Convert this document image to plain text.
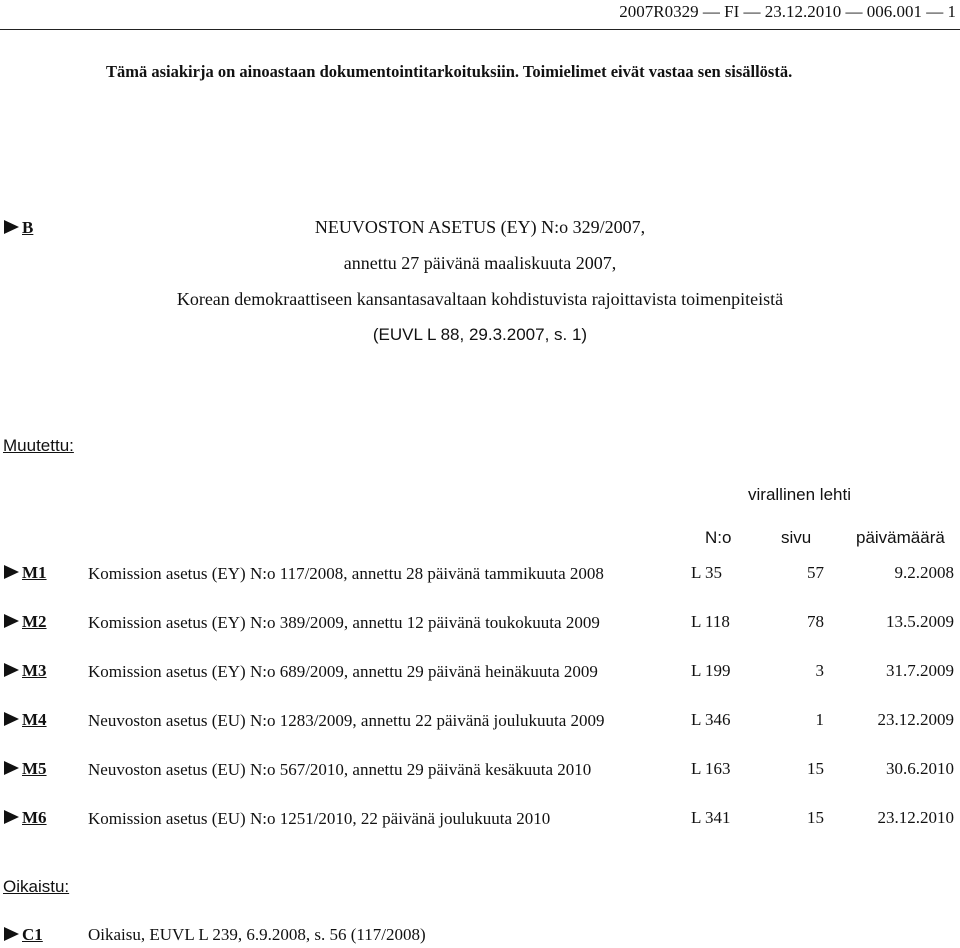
2007R0329 — FI — 23.12.2010 — 006.001 — 1
Tämä asiakirja on ainoastaan dokumentointitarkoituksiin. Toimielimet eivät vastaa sen sisällöstä.
B	NEUVOSTON ASETUS (EY) N:o 329/2007,
annettu 27 päivänä maaliskuuta 2007,
Korean demokraattiseen kansantasavaltaan kohdistuvista rajoittavista toimenpiteistä
(EUVL L 88, 29.3.2007, s. 1)
Muutettu:
virallinen lehti
N:o	sivu	päivämäärä
M1 Komission asetus (EY) N:o 117/2008, annettu 28 päivänä tammikuuta 2008	L 35	57	9.2.2008
M2 Komission asetus (EY) N:o 389/2009, annettu 12 päivänä toukokuuta 2009	L 118	78	13.5.2009
M3 Komission asetus (EY) N:o 689/2009, annettu 29 päivänä heinäkuuta 2009	L 199	3	31.7.2009
M4 Neuvoston asetus (EU) N:o 1283/2009, annettu 22 päivänä joulukuuta 2009	L 346	1	23.12.2009
M5 Neuvoston asetus (EU) N:o 567/2010, annettu 29 päivänä kesäkuuta 2010	L 163	15	30.6.2010
M6 Komission asetus (EU) N:o 1251/2010, 22 päivänä joulukuuta 2010	L 341	15	23.12.2010
Oikaistu:
C1	Oikaisu, EUVL L 239, 6.9.2008, s. 56 (117/2008)
